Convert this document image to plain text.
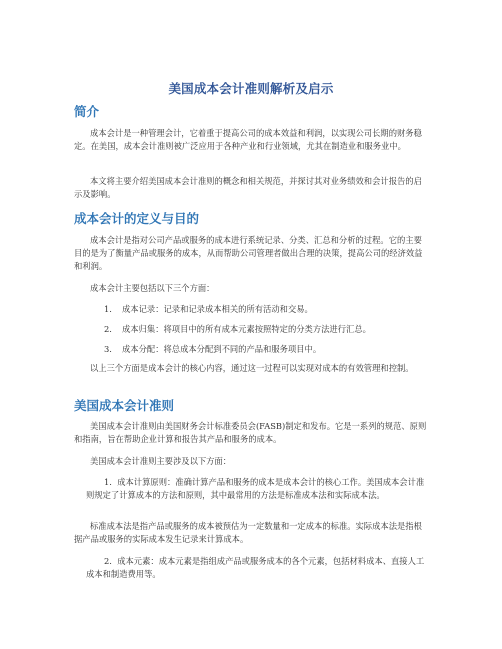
美国成本会计准则解析及启示
简介
成本会计是一种管理会计，它着重于提高公司的成本效益和利润，以实现公司长期的财务稳定。在美国，成本会计准则被广泛应用于各种产业和行业领域，尤其在制造业和服务业中。
本文将主要介绍美国成本会计准则的概念和相关规范，并探讨其对业务绩效和会计报告的启示及影响。
成本会计的定义与目的
成本会计是指对公司产品或服务的成本进行系统记录、分类、汇总和分析的过程。它的主要目的是为了衡量产品或服务的成本，从而帮助公司管理者做出合理的决策，提高公司的经济效益和利润。
成本会计主要包括以下三个方面：
1. 成本记录：记录和记录成本相关的所有活动和交易。
2. 成本归集：将项目中的所有成本元素按照特定的分类方法进行汇总。
3. 成本分配：将总成本分配到不同的产品和服务项目中。
以上三个方面是成本会计的核心内容，通过这一过程可以实现对成本的有效管理和控制。
美国成本会计准则
美国成本会计准则由美国财务会计标准委员会(FASB)制定和发布。它是一系列的规范、原则和指南，旨在帮助企业计算和报告其产品和服务的成本。
美国成本会计准则主要涉及以下方面：
1. 成本计算原则：准确计算产品和服务的成本是成本会计的核心工作。美国成本会计准则规定了计算成本的方法和原则，其中最常用的方法是标准成本法和实际成本法。
标准成本法是指产品或服务的成本被预估为一定数量和一定成本的标准。实际成本法是指根据产品或服务的实际成本发生记录来计算成本。
2. 成本元素：成本元素是指组成产品或服务成本的各个元素，包括材料成本、直接人工成本和制造费用等。
